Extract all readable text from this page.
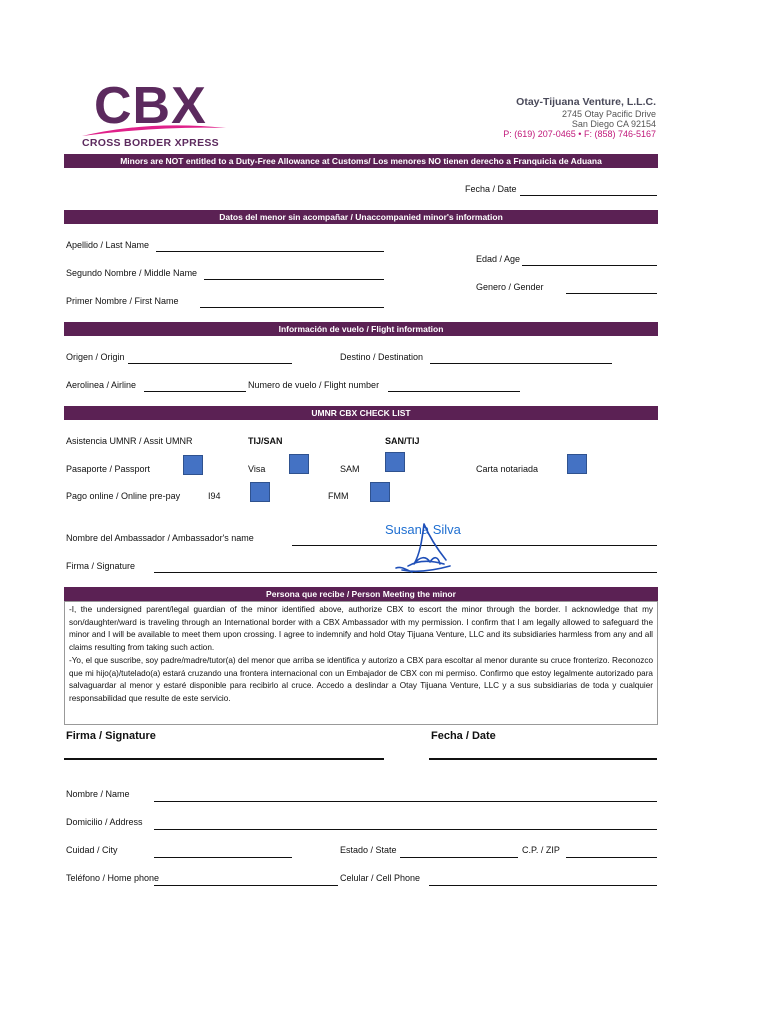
CBX
CROSS BORDER XPRESS
Otay-Tijuana Venture, L.L.C.
2745 Otay Pacific Drive
San Diego CA 92154
P: (619) 207-0465 • F: (858) 746-5167
Minors are NOT entitled to a Duty-Free Allowance at Customs/ Los menores NO tienen derecho a Franquicia de Aduana
Fecha / Date
Datos del menor sin acompañar / Unaccompanied minor's information
Apellido / Last Name
Edad / Age
Segundo Nombre / Middle Name
Genero / Gender
Primer Nombre / First Name
Información de vuelo / Flight information
Origen / Origin	Destino / Destination
Aerolinea / Airline	Numero de vuelo / Flight number
UMNR CBX CHECK LIST
Asistencia UMNR / Assit UMNR	TIJ/SAN	SAN/TIJ
Pasaporte / Passport	Visa	SAM	Carta notariada
Pago online / Online pre-pay	I94	FMM
Nombre del Ambassador / Ambassador's name
Susana Silva
Firma / Signature
Persona que recibe / Person Meeting the minor
-I, the undersigned parent/legal guardian of the minor identified above, authorize CBX to escort the minor through the border. I acknowledge that my son/daughter/ward is traveling through an International border with a CBX Ambassador with my permission. I confirm that I am legally allowed to safeguard the minor and I will be available to meet them upon crossing. I agree to indemnify and hold Otay Tijuana Venture, LLC and its subsidiaries harmless from any and all claims resulting from taking such action.
-Yo, el que suscribe, soy padre/madre/tutor(a) del menor que arriba se identifica y autorizo a CBX para escoltar al menor durante su cruce fronterizo. Reconozco que mi hijo(a)/tutelado(a) estará cruzando una frontera internacional con un Embajador de CBX con mi permiso. Confirmo que estoy legalmente autorizado para salvaguardar al menor y estaré disponible para recibirlo al cruce. Accedo a deslindar a Otay Tijuana Venture, LLC y a sus subsidiarias de toda y cualquier responsabilidad que resulte de este servicio.
Firma / Signature	Fecha / Date
Nombre / Name
Domicilio / Address
Cuidad / City	Estado / State	C.P. / ZIP
Teléfono / Home phone	Celular / Cell Phone
